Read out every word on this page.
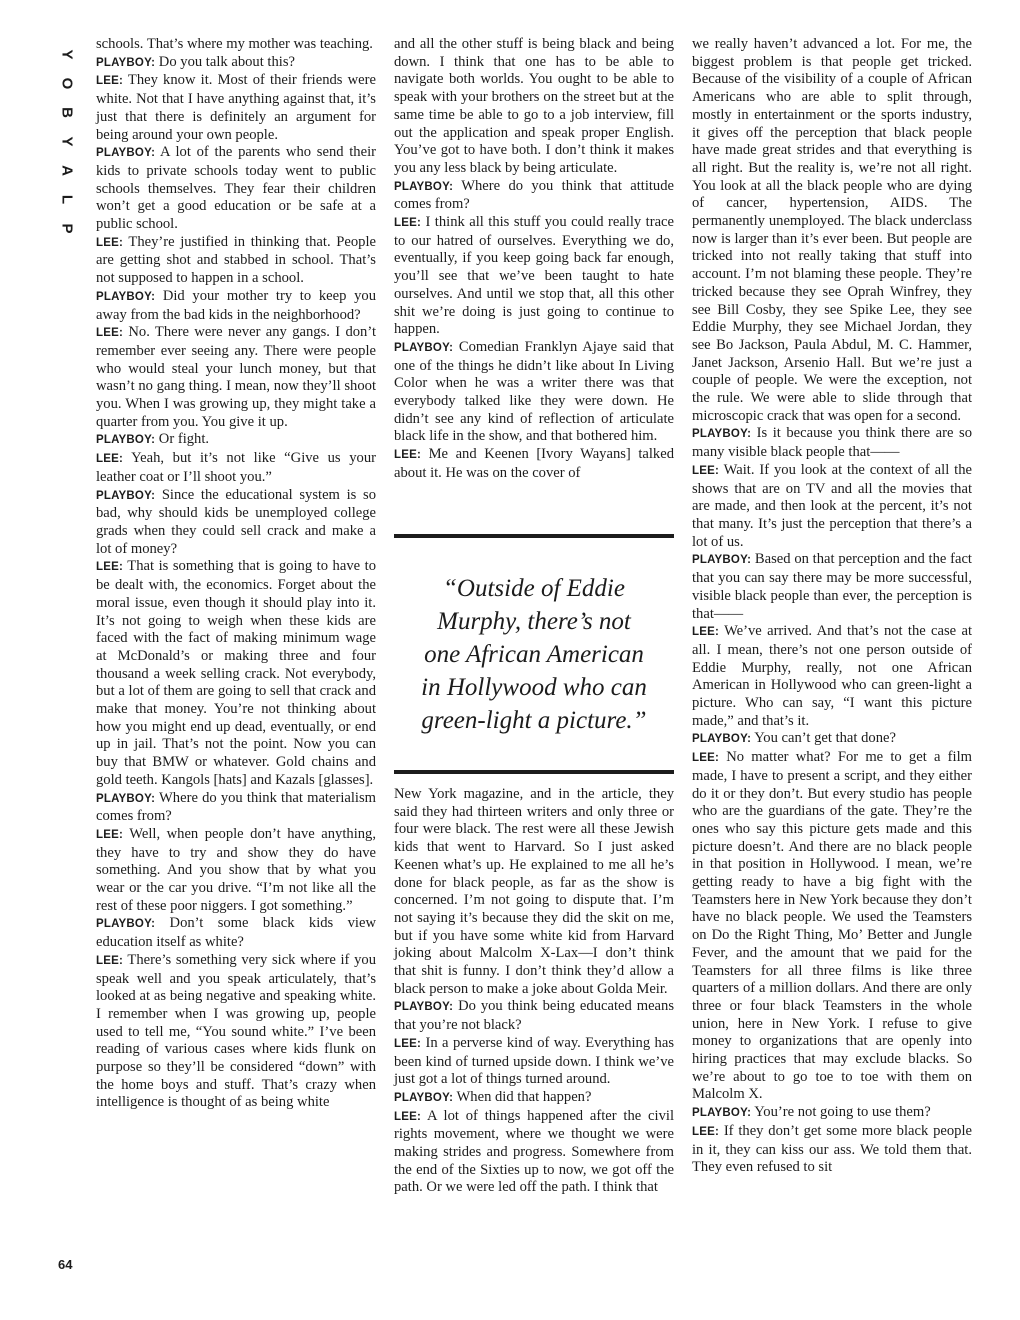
Y
O
B
Y
A
L
P
64

schools. That’s where my mother was teaching.

PLAYBOY: Do you talk about this?

LEE: They know it. Most of their friends were white. Not that I have anything against that, it’s just that there is definitely an argument for being around your own people.

PLAYBOY: A lot of the parents who send their kids to private schools today went to public schools themselves. They fear their children won’t get a good education or be safe at a public school.

LEE: They’re justified in thinking that. People are getting shot and stabbed in school. That’s not supposed to happen in a school.

PLAYBOY: Did your mother try to keep you away from the bad kids in the neighborhood?

LEE: No. There were never any gangs. I don’t remember ever seeing any. There were people who would steal your lunch money, but that wasn’t no gang thing. I mean, now they’ll shoot you. When I was growing up, they might take a quarter from you. You give it up.

PLAYBOY: Or fight.

LEE: Yeah, but it’s not like “Give us your leather coat or I’ll shoot you.”

PLAYBOY: Since the educational system is so bad, why should kids be unemployed college grads when they could sell crack and make a lot of money?

LEE: That is something that is going to have to be dealt with, the economics. Forget about the moral issue, even though it should play into it. It’s not going to weigh when these kids are faced with the fact of making minimum wage at McDonald’s or making three and four thousand a week selling crack. Not everybody, but a lot of them are going to sell that crack and make that money. You’re not thinking about how you might end up dead, eventually, or end up in jail. That’s not the point. Now you can buy that BMW or whatever. Gold chains and gold teeth. Kangols [hats] and Kazals [glasses].

PLAYBOY: Where do you think that materialism comes from?

LEE: Well, when people don’t have anything, they have to try and show they do have something. And you show that by what you wear or the car you drive. “I’m not like all the rest of these poor niggers. I got something.”

PLAYBOY: Don’t some black kids view education itself as white?

LEE: There’s something very sick where if you speak well and you speak articulately, that’s looked at as being negative and speaking white. I remember when I was growing up, people used to tell me, “You sound white.” I’ve been reading of various cases where kids flunk on purpose so they’ll be considered “down” with the home boys and stuff. That’s crazy when intelligence is thought of as being white

and all the other stuff is being black and being down. I think that one has to be able to navigate both worlds. You ought to be able to speak with your brothers on the street but at the same time be able to go to a job interview, fill out the application and speak proper English. You’ve got to have both. I don’t think it makes you any less black by being articulate.

PLAYBOY: Where do you think that attitude comes from?

LEE: I think all this stuff you could really trace to our hatred of ourselves. Everything we do, eventually, if you keep going back far enough, you’ll see that we’ve been taught to hate ourselves. And until we stop that, all this other shit we’re doing is just going to continue to happen.

PLAYBOY: Comedian Franklyn Ajaye said that one of the things he didn’t like about In Living Color when he was a writer there was that everybody talked like they were down. He didn’t see any kind of reflection of articulate black life in the show, and that bothered him.

LEE: Me and Keenen [Ivory Wayans] talked about it. He was on the cover of

“Outside of Eddie Murphy, there’s not one African American in Hollywood who can green-light a picture.”

New York magazine, and in the article, they said they had thirteen writers and only three or four were black. The rest were all these Jewish kids that went to Harvard. So I just asked Keenen what’s up. He explained to me all he’s done for black people, as far as the show is concerned. I’m not going to dispute that. I’m not saying it’s because they did the skit on me, but if you have some white kid from Harvard joking about Malcolm X-Lax—I don’t think that shit is funny. I don’t think they’d allow a black person to make a joke about Golda Meir.

PLAYBOY: Do you think being educated means that you’re not black?

LEE: In a perverse kind of way. Everything has been kind of turned upside down. I think we’ve just got a lot of things turned around.

PLAYBOY: When did that happen?

LEE: A lot of things happened after the civil rights movement, where we thought we were making strides and progress. Somewhere from the end of the Sixties up to now, we got off the path. Or we were led off the path. I think that

we really haven’t advanced a lot. For me, the biggest problem is that people get tricked. Because of the visibility of a couple of African Americans who are able to split through, mostly in entertainment or the sports industry, it gives off the perception that black people have made great strides and that everything is all right. But the reality is, we’re not all right. You look at all the black people who are dying of cancer, hypertension, AIDS. The permanently unemployed. The black underclass now is larger than it’s ever been. But people are tricked into not really taking that stuff into account. I’m not blaming these people. They’re tricked because they see Oprah Winfrey, they see Bill Cosby, they see Spike Lee, they see Eddie Murphy, they see Michael Jordan, they see Bo Jackson, Paula Abdul, M. C. Hammer, Janet Jackson, Arsenio Hall. But we’re just a couple of people. We were the exception, not the rule. We were able to slide through that microscopic crack that was open for a second.

PLAYBOY: Is it because you think there are so many visible black people that——

LEE: Wait. If you look at the context of all the shows that are on TV and all the movies that are made, and then look at the percent, it’s not that many. It’s just the perception that there’s a lot of us.

PLAYBOY: Based on that perception and the fact that you can say there may be more successful, visible black people than ever, the perception is that——

LEE: We’ve arrived. And that’s not the case at all. I mean, there’s not one person outside of Eddie Murphy, really, not one African American in Hollywood who can green-light a picture. Who can say, “I want this picture made,” and that’s it.

PLAYBOY: You can’t get that done?

LEE: No matter what? For me to get a film made, I have to present a script, and they either do it or they don’t. But every studio has people who are the guardians of the gate. They’re the ones who say this picture gets made and this picture doesn’t. And there are no black people in that position in Hollywood. I mean, we’re getting ready to have a big fight with the Teamsters here in New York because they don’t have no black people. We used the Teamsters on Do the Right Thing, Mo’ Better and Jungle Fever, and the amount that we paid for the Teamsters for all three films is like three quarters of a million dollars. And there are only three or four black Teamsters in the whole union, here in New York. I refuse to give money to organizations that are openly into hiring practices that may exclude blacks. So we’re about to go toe to toe with them on Malcolm X.

PLAYBOY: You’re not going to use them?

LEE: If they don’t get some more black people in it, they can kiss our ass. We told them that. They even refused to sit
